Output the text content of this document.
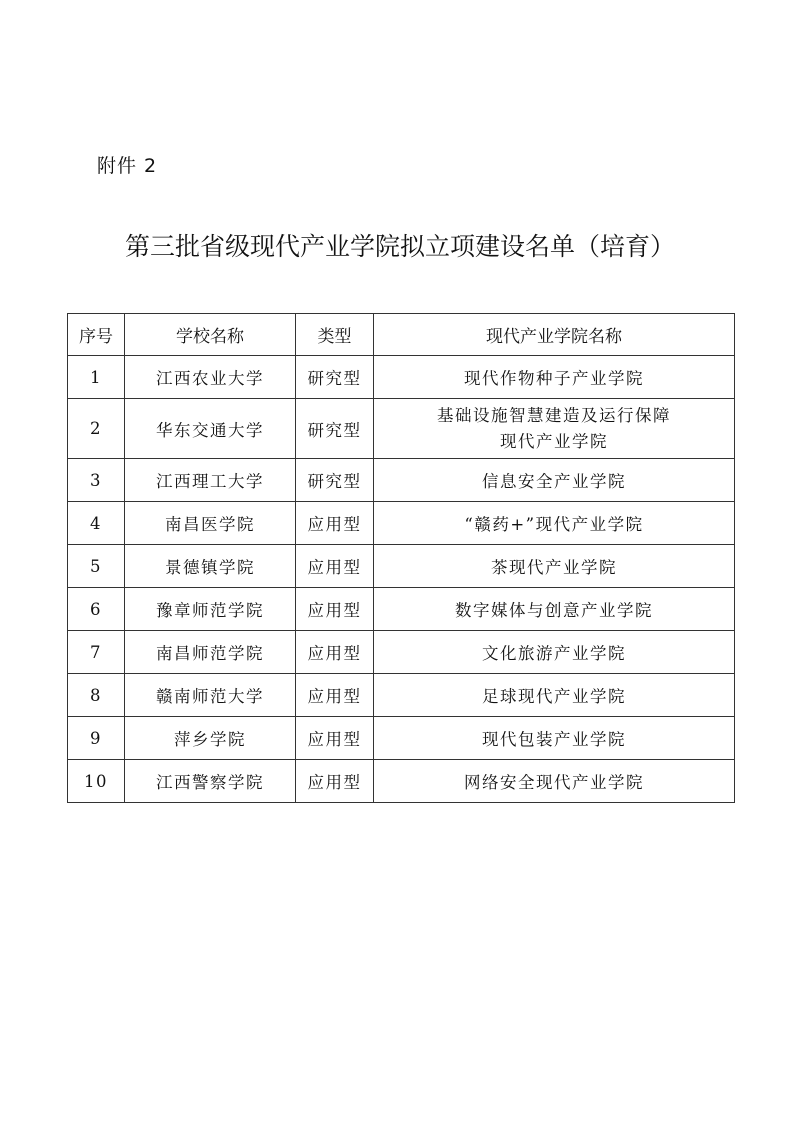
附件 2
第三批省级现代产业学院拟立项建设名单（培育）
序号	学校名称	类型	现代产业学院名称
1	江西农业大学	研究型	现代作物种子产业学院
2	华东交通大学	研究型	基础设施智慧建造及运行保障
现代产业学院

3	江西理工大学	研究型	信息安全产业学院
4	南昌医学院	应用型	“赣药+”现代产业学院
5	景德镇学院	应用型	茶现代产业学院
6	豫章师范学院	应用型	数字媒体与创意产业学院
7	南昌师范学院	应用型	文化旅游产业学院
8	赣南师范大学	应用型	足球现代产业学院
9	萍乡学院	应用型	现代包装产业学院
10	江西警察学院	应用型	网络安全现代产业学院
